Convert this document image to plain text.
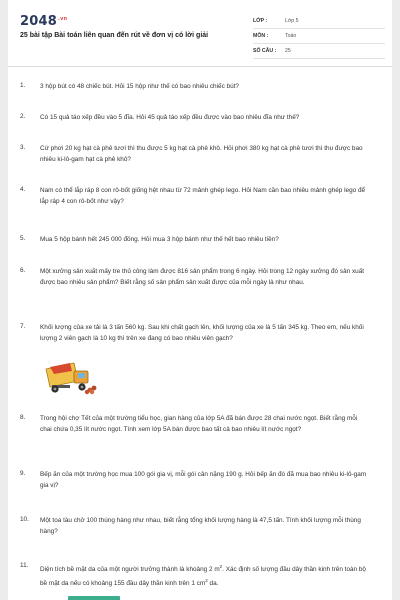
$2048^{.vn}$
25 bài tập Bài toán liên quan đến rút về đơn vị có lời giải
LỚP :	Lớp 5
MÔN :	Toán
SỐ CÂU :	25
1. 3 hộp bút có 48 chiếc bút. Hỏi 15 hộp như thế có bao nhiêu chiếc bút?
2. Có 15 quả táo xếp đều vào 5 đĩa. Hỏi 45 quả táo xếp đều được vào bao nhiêu đĩa như thế?
3. Cứ phơi 20 kg hạt cà phê tươi thì thu được 5 kg hạt cà phê khô. Hỏi phơi 380 kg hạt cà phê tươi thì thu được bao nhiêu ki-lô-gam hạt cà phê khô?
4. Nam có thể lắp ráp 8 con rô-bốt giống hệt nhau từ 72 mảnh ghép lego. Hỏi Nam cần bao nhiêu mảnh ghép lego để lắp ráp 4 con rô-bốt như vậy?
5. Mua 5 hộp bánh hết 245 000 đồng. Hỏi mua 3 hộp bánh như thế hết bao nhiêu tiền?
6. Một xưởng sản xuất mấy tre thủ công làm được 816 sản phẩm trong 6 ngày. Hỏi trong 12 ngày xưởng đó sản xuất được bao nhiêu sản phẩm? Biết rằng số sản phẩm sản xuất được của mỗi ngày là như nhau.
7. Khối lượng của xe tải là 3 tấn 560 kg. Sau khi chất gạch lên, khối lượng của xe là 5 tấn 345 kg. Theo em, nếu khối lượng 2 viên gạch là 10 kg thì trên xe đang có bao nhiêu viên gạch?
8. Trong hội chợ Tết của một trường tiểu học, gian hàng của lớp 5A đã bán được 28 chai nước ngọt. Biết rằng mỗi chai chứa 0,35 lít nước ngọt. Tính xem lớp 5A bán được bao tất cả bao nhiêu lít nước ngọt?
9. Bếp ăn của một trường học mua 100 gói gia vị, mỗi gói cân nặng 190 g. Hỏi bếp ăn đó đã mua bao nhiêu ki-lô-gam gia vị?
10. Một toa tàu chở 100 thùng hàng như nhau, biết rằng tổng khối lượng hàng là 47,5 tấn. Tính khối lượng mỗi thùng hàng?
11.
Diện tích bề mặt da của một người trưởng thành là khoảng 2 $m^2$. Xác định số lượng đầu dây thần kinh trên toàn bộ bề mặt da nếu có khoảng 155 đầu dây thần kinh trên 1 $cm^2$ da.
